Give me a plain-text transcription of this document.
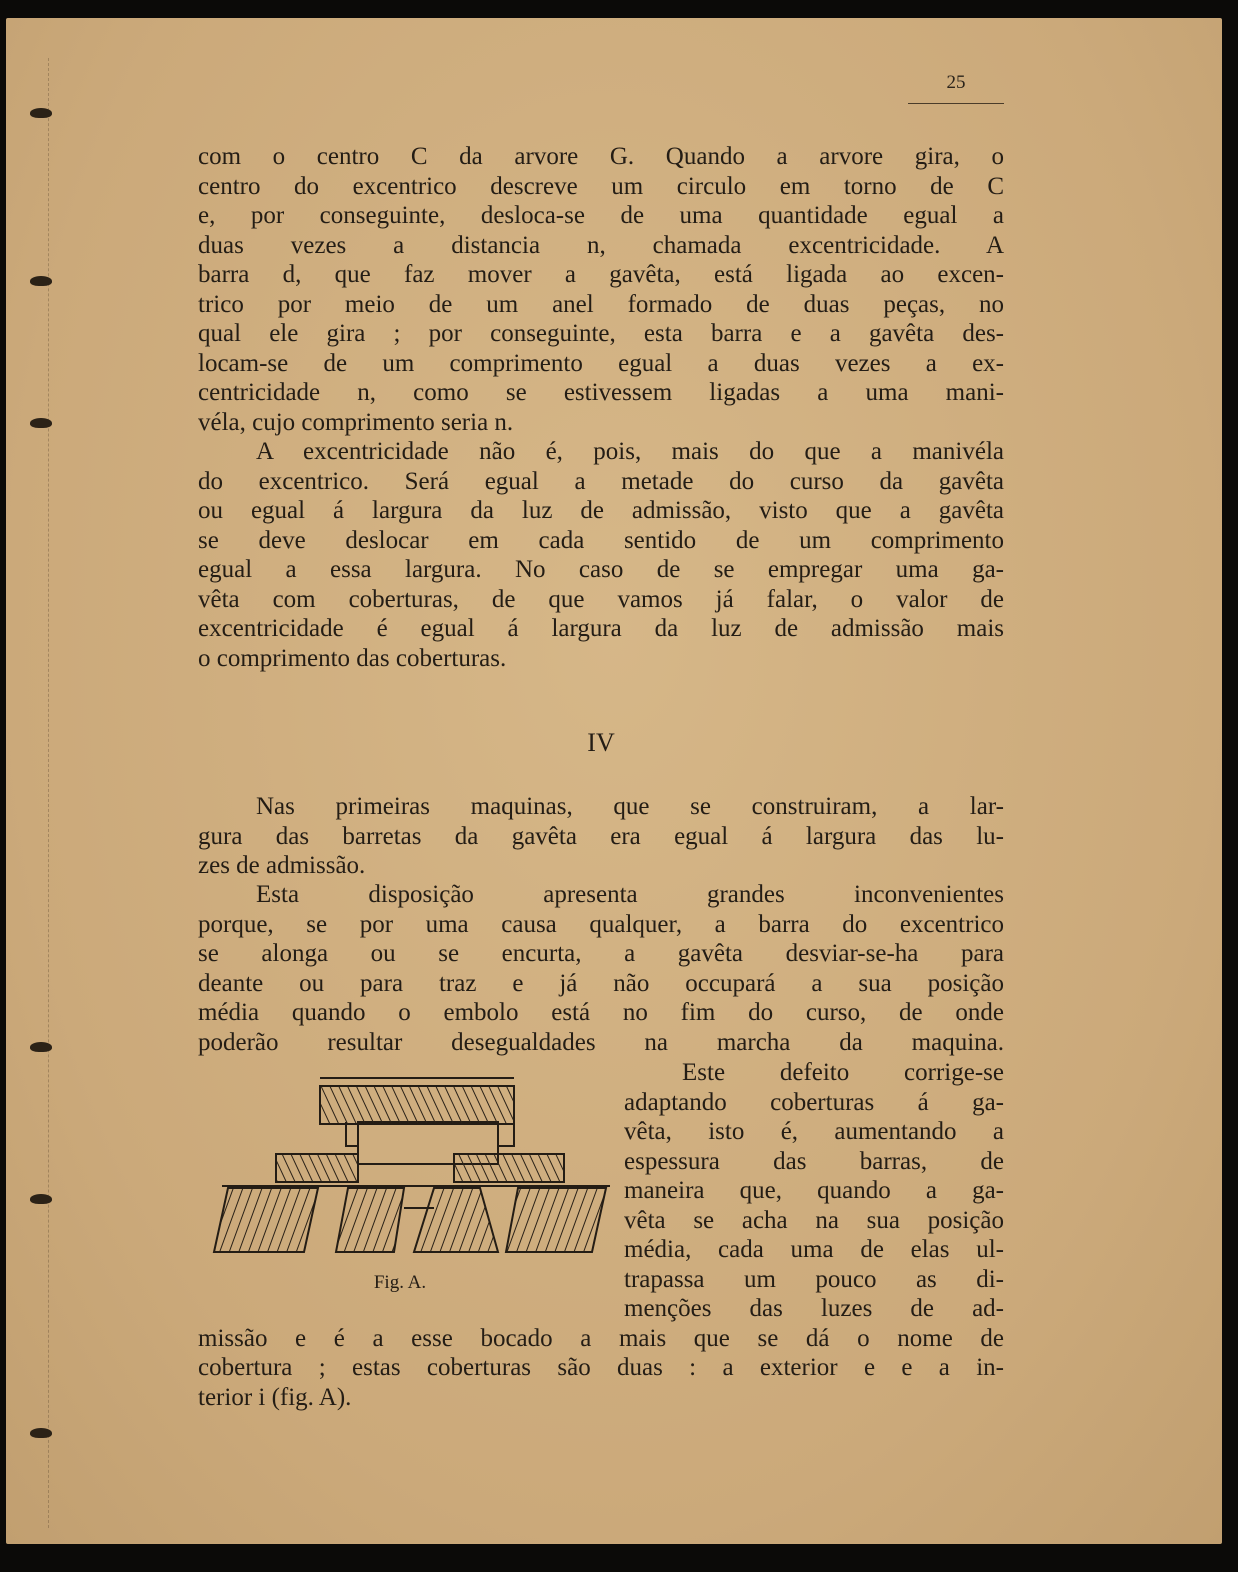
25
com o centro C da arvore G. Quando a arvore gira, o
centro do excentrico descreve um circulo em torno de C
e, por conseguinte, desloca-se de uma quantidade egual a
duas vezes a distancia n, chamada excentricidade. A
barra d, que faz mover a gavêta, está ligada ao excen-
trico por meio de um anel formado de duas peças, no
qual ele gira ; por conseguinte, esta barra e a gavêta des-
locam-se de um comprimento egual a duas vezes a ex-
centricidade n, como se estivessem ligadas a uma mani-
véla, cujo comprimento seria n.
A excentricidade não é, pois, mais do que a manivéla
do excentrico. Será egual a metade do curso da gavêta
ou egual á largura da luz de admissão, visto que a gavêta
se deve deslocar em cada sentido de um comprimento
egual a essa largura. No caso de se empregar uma ga-
vêta com coberturas, de que vamos já falar, o valor de
excentricidade é egual á largura da luz de admissão mais
o comprimento das coberturas.
Nas primeiras maquinas, que se construiram, a lar-
gura das barretas da gavêta era egual á largura das lu-
zes de admissão.
Esta disposição apresenta grandes inconvenientes
porque, se por uma causa qualquer, a barra do excentrico
se alonga ou se encurta, a gavêta desviar-se-ha para
deante ou para traz e já não occupará a sua posição
média quando o embolo está no fim do curso, de onde
poderão resultar desegualdades na marcha da maquina.
Este defeito corrige-se
adaptando coberturas á ga-
vêta, isto é, aumentando a
espessura das barras, de
maneira que, quando a ga-
vêta se acha na sua posição
média, cada uma de elas ul-
trapassa um pouco as di-
menções das luzes de ad-
missão e é a esse bocado a mais que se dá o nome de
cobertura ; estas coberturas são duas : a exterior e e a in-
terior i (fig. A).
IV
Fig. A.
